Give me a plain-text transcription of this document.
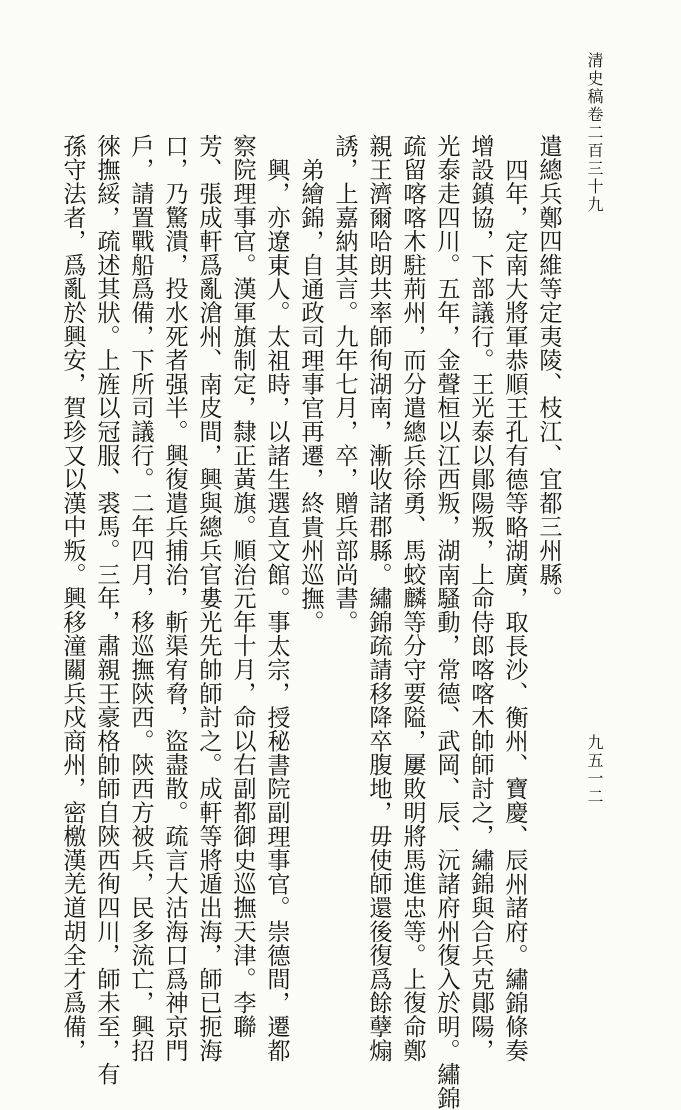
清史稿卷二百三十九
九五一二
遣總兵鄭四維等定夷陵、枝江、宜都三州縣。
四年，定南大將軍恭順王孔有德等略湖廣，取長沙、衡州、寶慶、辰州諸府。繡錦條奏
增設鎮協，下部議行。王光泰以鄖陽叛，上命侍郎喀喀木帥師討之，繡錦與合兵克鄖陽，
光泰走四川。五年，金聲桓以江西叛，湖南騷動，常德、武岡、辰、沅諸府州復入於明。繡錦
疏留喀喀木駐荊州，而分遣總兵徐勇、馬蛟麟等分守要隘，屢敗明將馬進忠等。上復命鄭
親王濟爾哈朗共率師徇湖南，漸收諸郡縣。繡錦疏請移降卒腹地，毋使師還後復爲餘孽煽
誘，上嘉納其言。九年七月，卒，贈兵部尚書。
弟繪錦，自通政司理事官再遷，終貴州巡撫。
興，亦遼東人。太祖時，以諸生選直文館。事太宗，授秘書院副理事官。崇德間，遷都
察院理事官。漢軍旗制定，隸正黃旗。順治元年十月，命以右副都御史巡撫天津。李聯
芳、張成軒爲亂滄州、南皮間，興與總兵官婁光先帥師討之。成軒等將遁出海，師已扼海
口，乃驚潰，投水死者强半。興復遣兵捕治，斬渠宥脅，盜盡散。疏言大沽海口爲神京門
戶，請置戰船爲備，下所司議行。二年四月，移巡撫陝西。陝西方被兵，民多流亡，興招
徠撫綏，疏述其狀。上旌以冠服、裘馬。三年，肅親王豪格帥師自陝西徇四川，師未至，有
孫守法者，爲亂於興安，賀珍又以漢中叛。興移潼關兵戍商州，密檄漢羌道胡全才爲備，
